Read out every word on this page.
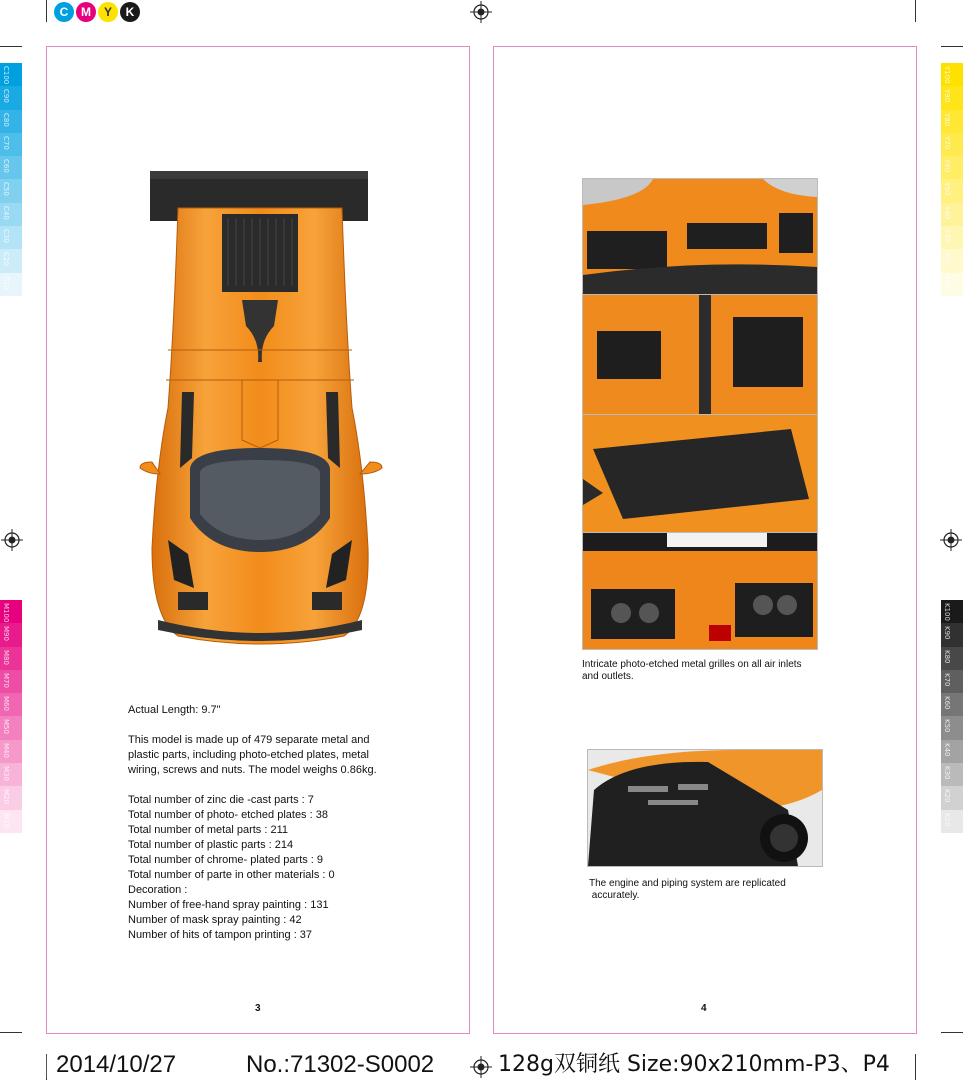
C	M	Y	K
C100
C90
C80
C70
C60
C50
C40
C30
C20
C10
M100
M90
M80
M70
M60
M50
M40
M30
M20
M10
Y100
Y90
Y80
Y70
Y60
Y50
Y40
Y30
Y20
Y10
K100
K90
K80
K70
K60
K50
K40
K30
K20
K10

Actual Length: 9.7"

This model is made up of 479 separate metal and

plastic parts, including photo-etched plates, metal

wiring, screws and nuts. The model weighs 0.86kg.

Total number of zinc die -cast parts : 7

Total number of photo- etched plates : 38

Total number of metal parts : 211

Total number of plastic parts : 214

Total number of chrome- plated parts : 9

Total number of parte in other materials : 0

Decoration :

Number of free-hand spray painting : 131

Number of mask spray painting : 42

Number of hits of tampon printing : 37

3
Intricate photo-etched metal grilles on all air inlets
and outlets.
The engine and piping system are replicated
accurately.
4
2014/10/27	No.:71302-S0002	128g双铜纸 Size:90x210mm-P3、P4
